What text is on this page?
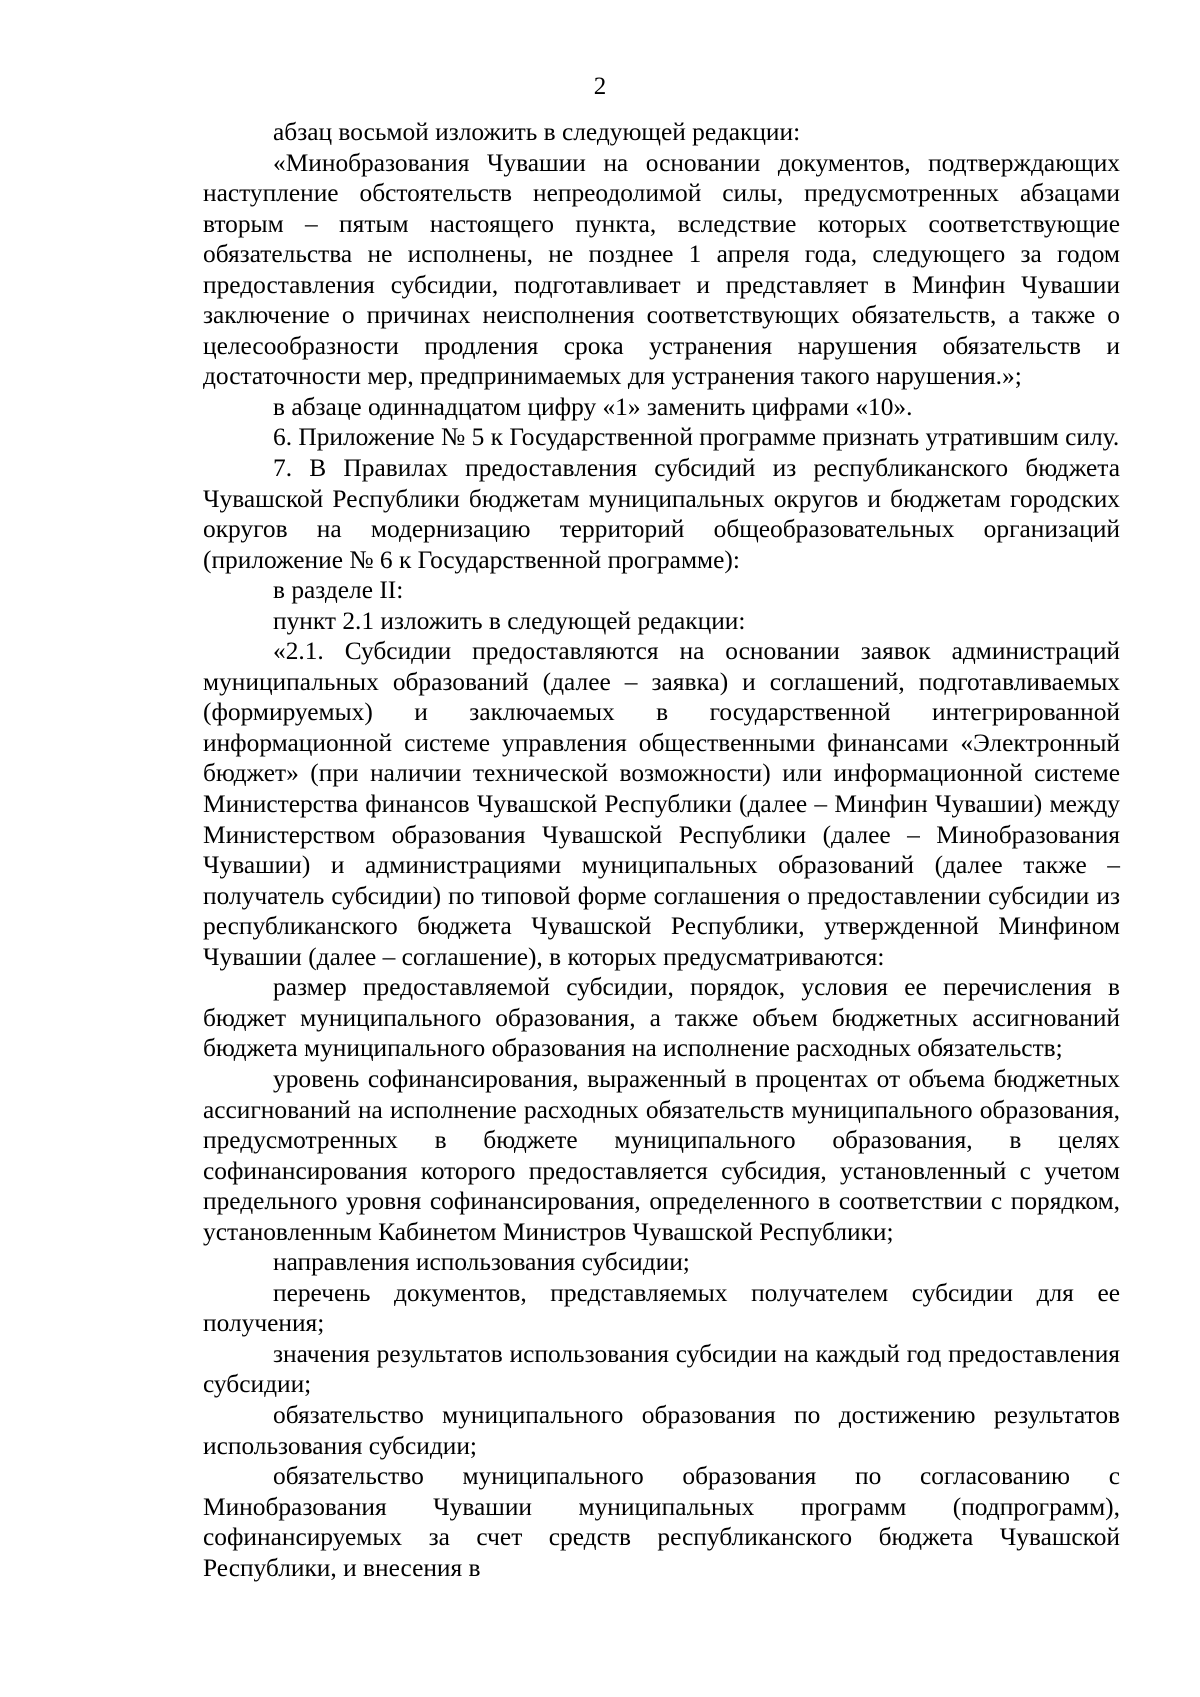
2

абзац восьмой изложить в следующей редакции:

«Минобразования Чувашии на основании документов, подтверждающих наступление обстоятельств непреодолимой силы, предусмотренных абзацами вторым – пятым настоящего пункта, вследствие которых соответствующие обязательства не исполнены, не позднее 1 апреля года, следующего за годом предоставления субсидии, подготавливает и представляет в Минфин Чувашии заключение о причинах неисполнения соответствующих обязательств, а также о целесообразности продления срока устранения нарушения обязательств и достаточности мер, предпринимаемых для устранения такого нарушения.»;

в абзаце одиннадцатом цифру «1» заменить цифрами «10».

6. Приложение № 5 к Государственной программе признать утратившим силу.

7. В Правилах предоставления субсидий из республиканского бюджета Чувашской Республики бюджетам муниципальных округов и бюджетам городских округов на модернизацию территорий общеобразовательных организаций (приложение № 6 к Государственной программе):

в разделе II:

пункт 2.1 изложить в следующей редакции:

«2.1. Субсидии предоставляются на основании заявок администраций муниципальных образований (далее – заявка) и соглашений, подготавливаемых (формируемых) и заключаемых в государственной интегрированной информационной системе управления общественными финансами «Электронный бюджет» (при наличии технической возможности) или информационной системе Министерства финансов Чувашской Республики (далее – Минфин Чувашии) между Министерством образования Чувашской Республики (далее – Минобразования Чувашии) и администрациями муниципальных образований (далее также – получатель субсидии) по типовой форме соглашения о предоставлении субсидии из республиканского бюджета Чувашской Республики, утвержденной Минфином Чувашии (далее – соглашение), в которых предусматриваются:

размер предоставляемой субсидии, порядок, условия ее перечисления в бюджет муниципального образования, а также объем бюджетных ассигнований бюджета муниципального образования на исполнение расходных обязательств;

уровень софинансирования, выраженный в процентах от объема бюджетных ассигнований на исполнение расходных обязательств муниципального образования, предусмотренных в бюджете муниципального образования, в целях софинансирования которого предоставляется субсидия, установленный с учетом предельного уровня софинансирования, определенного в соответствии с порядком, установленным Кабинетом Министров Чувашской Республики;

направления использования субсидии;

перечень документов, представляемых получателем субсидии для ее получения;

значения результатов использования субсидии на каждый год предоставления субсидии;

обязательство муниципального образования по достижению результатов использования субсидии;

обязательство муниципального образования по согласованию с Минобразования Чувашии муниципальных программ (подпрограмм), софинансируемых за счет средств республиканского бюджета Чувашской Республики, и внесения в
